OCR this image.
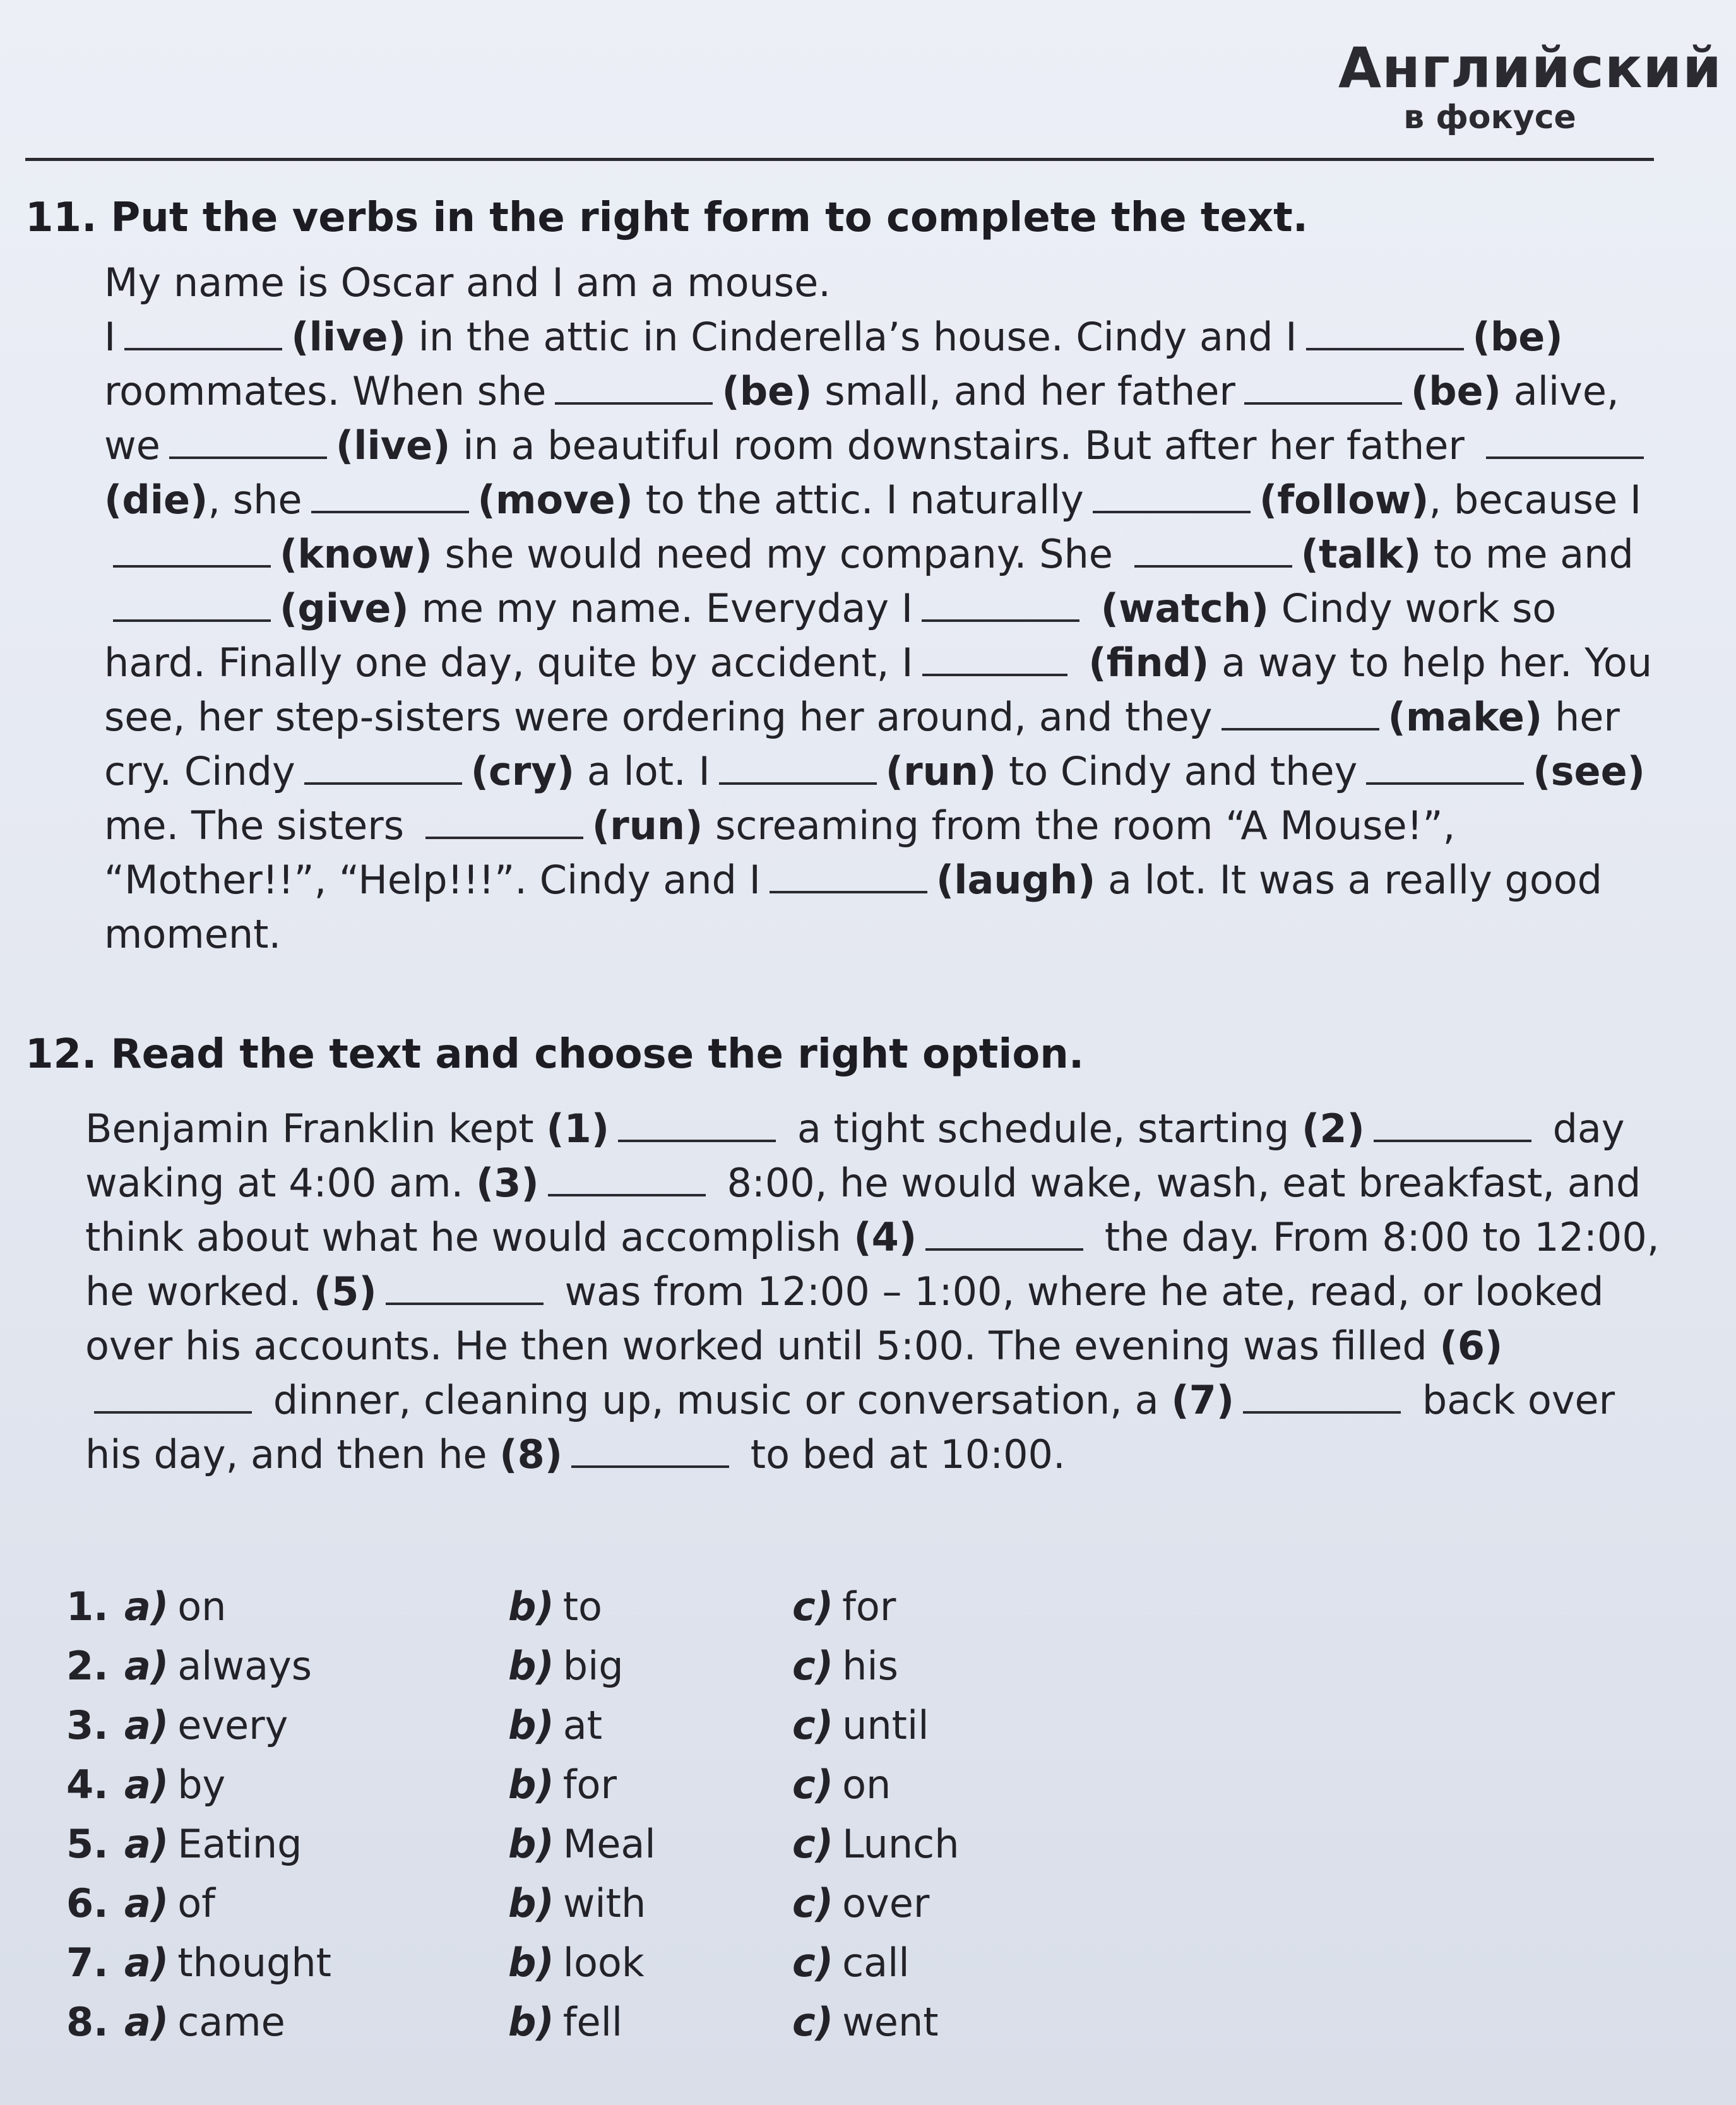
Английский
в фокусе
11. Put the verbs in the right form to complete the text.

My name is Oscar and I am a mouse.
I	(live) in the attic in Cinderella’s house. Cindy and I	(be) roommates. When she	(be) small, and her father	(be) alive, we	(live) in a beautiful room downstairs. But after her father (die), she	(move) to the attic. I naturally	(follow), because I(know) she would need my company. She	(talk) to me and(give) me my name. Everyday I	(watch) Cindy work so hard. Finally one day, quite by accident, I	(find) a way to help her. You see, her step-sisters were ordering her around, and they	(make) her cry. Cindy	(cry) a lot. I	(run) to Cindy and they	(see) me. The sisters	(run) screaming from the room “A Mouse!”, “Mother!!”, “Help!!!”. Cindy and I	(laugh) a lot. It was a really good moment.

12. Read the text and choose the right option.

Benjamin Franklin kept (1)	a tight schedule, starting (2)	day waking at 4:00 am. (3)	8:00, he would wake, wash, eat breakfast, and think about what he would accomplish (4)	the day. From 8:00 to 12:00, he worked. (5)	was from 12:00 – 1:00, where he ate, read, or looked over his accounts. He then worked until 5:00. The evening was filled (6) dinner, cleaning up, music or conversation, a (7)	back over his day, and then he (8)	to bed at 10:00.

1. a) on	b) to	c) for
2. a) always	b) big	c) his
3. a) every	b) at	c) until
4. a) by	b) for	c) on
5. a) Eating	b) Meal	c) Lunch
6. a) of	b) with	c) over
7. a) thought	b) look	c) call
8. a) came	b) fell	c) went
